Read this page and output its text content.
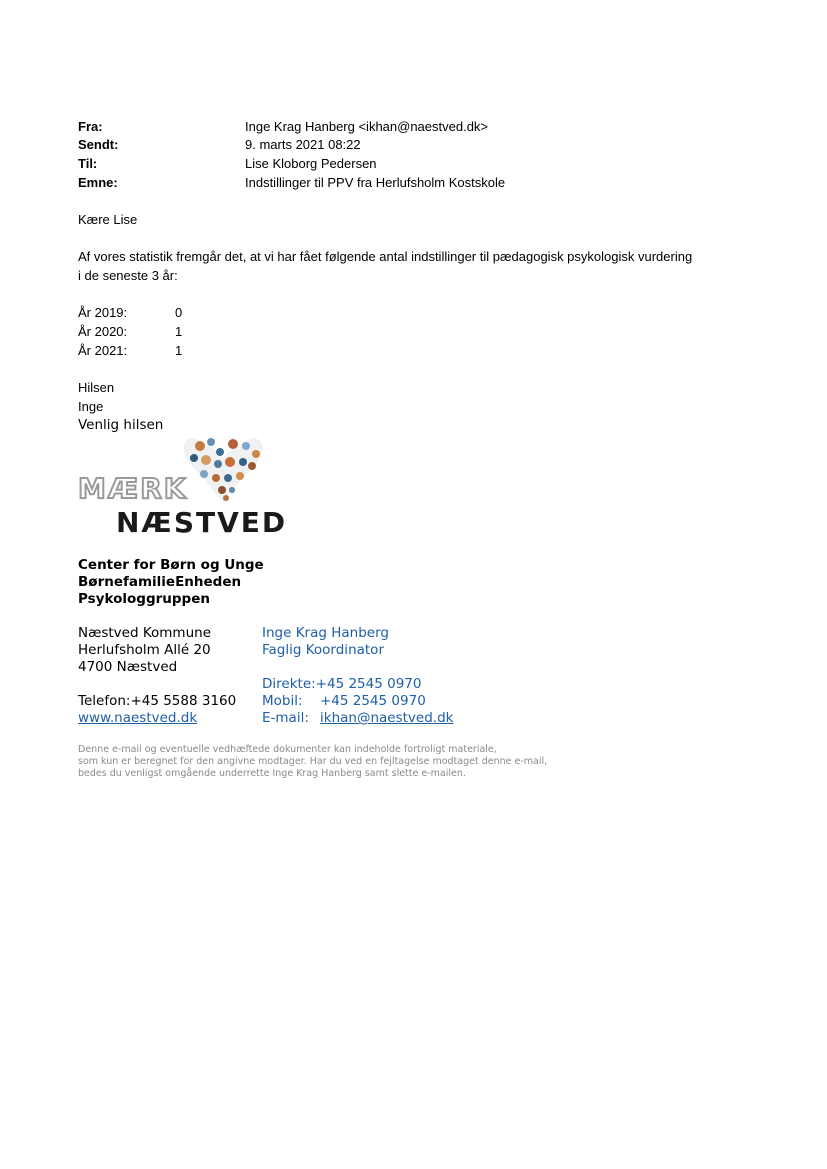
Fra:	Inge Krag Hanberg <ikhan@naestved.dk>
Sendt:	9. marts 2021 08:22
Til:	Lise Kloborg Pedersen
Emne:	Indstillinger til PPV fra Herlufsholm Kostskole
Kære Lise
Af vores statistik fremgår det, at vi har fået følgende antal indstillinger til pædagogisk psykologisk vurdering
i de seneste 3 år:
År 2019:	0
År 2020:	1
År 2021:	1
Hilsen
Inge
Venlig hilsen
MÆRK
NÆSTVED
Center for Børn og Unge
BørnefamilieEnheden
Psykologgruppen
Næstved Kommune
Herlufsholm Allé 20
4700 Næstved
Telefon:+45 5588 3160
www.naestved.dk
Inge Krag Hanberg
Faglig Koordinator
Direkte:+45 2545 0970
Mobil: +45 2545 0970
E-mail: ikhan@naestved.dk
Denne e-mail og eventuelle vedhæftede dokumenter kan indeholde fortroligt materiale,
som kun er beregnet for den angivne modtager. Har du ved en fejltagelse modtaget denne e-mail,
bedes du venligst omgående underrette Inge Krag Hanberg samt slette e-mailen.
